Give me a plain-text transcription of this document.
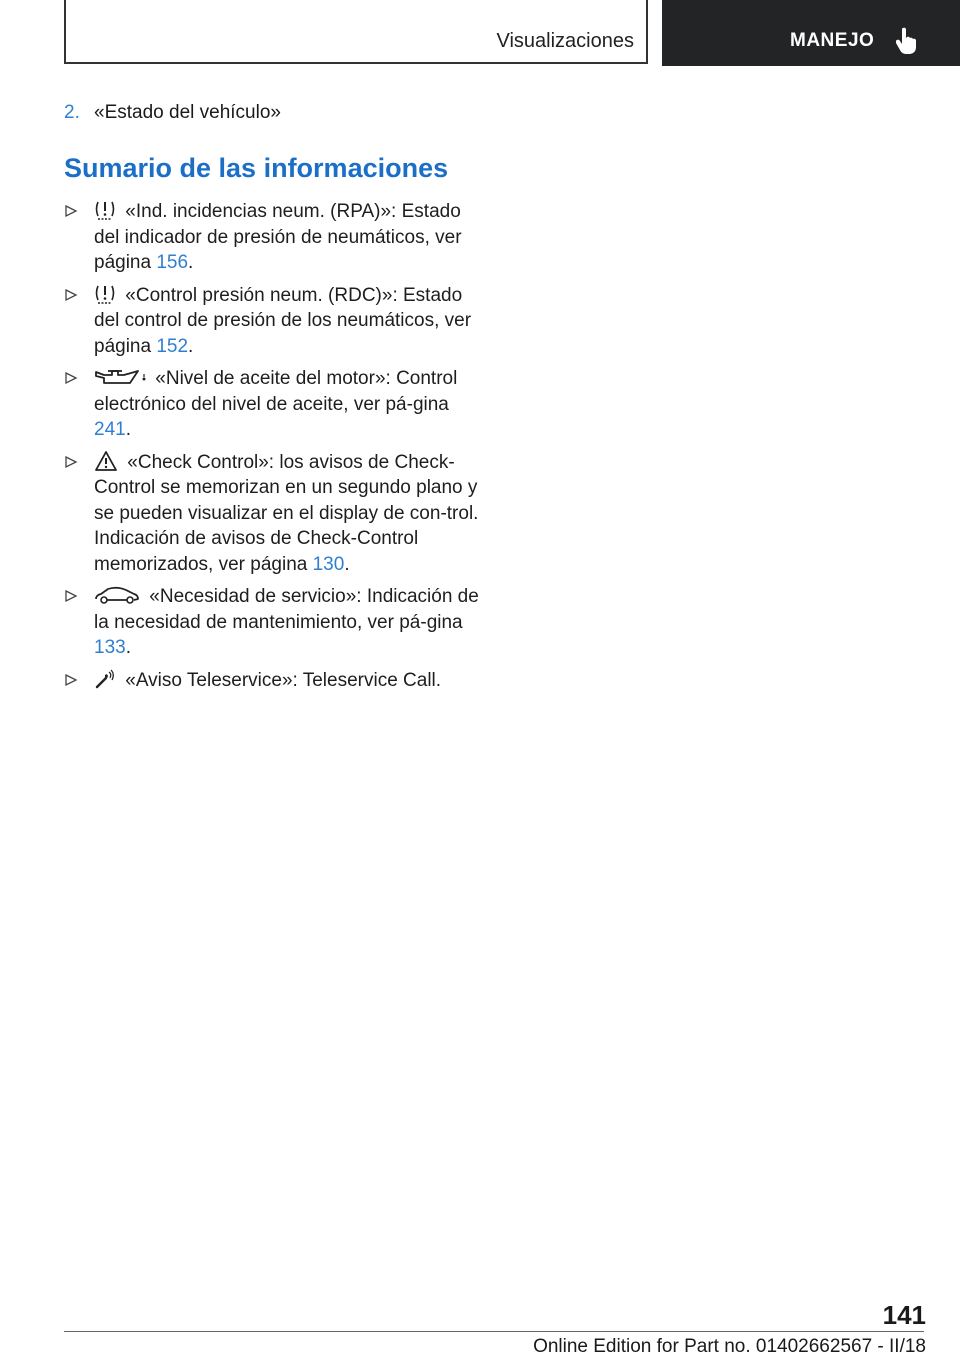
Visualizaciones	MANEJO
2. «Estado del vehículo»
Sumario de las informaciones
«Ind. incidencias neum. (RPA)»: Estado del indicador de presión de neumáticos, ver página 156.
«Control presión neum. (RDC)»: Estado del control de presión de los neumáticos, ver página 152.
«Nivel de aceite del motor»: Control electrónico del nivel de aceite, ver pá-gina 241.
«Check Control»: los avisos de Check-Control se memorizan en un segundo plano y se pueden visualizar en el display de con-trol. Indicación de avisos de Check-Control memorizados, ver página 130.
«Necesidad de servicio»: Indicación de la necesidad de mantenimiento, ver pá-gina 133.
«Aviso Teleservice»: Teleservice Call.
141
Online Edition for Part no. 01402662567 - II/18
